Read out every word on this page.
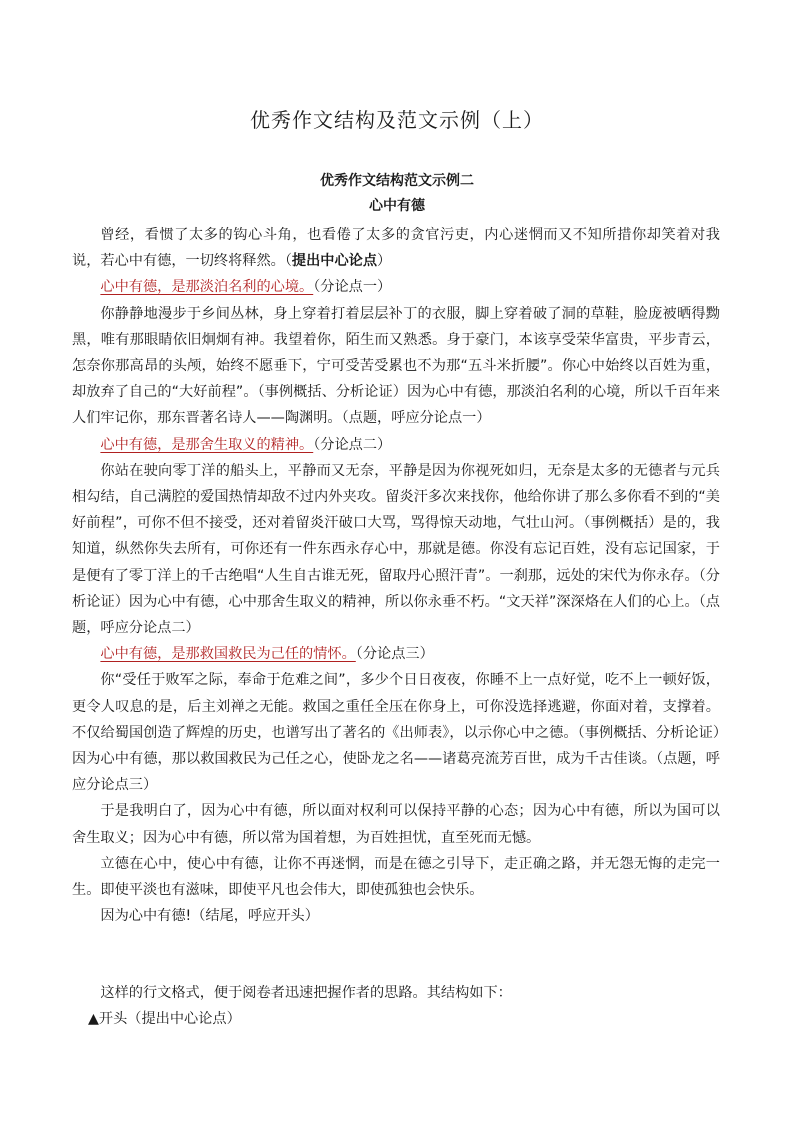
优秀作文结构及范文示例（上）
优秀作文结构范文示例二
心中有德

曾经，看惯了太多的钩心斗角，也看倦了太多的贪官污吏，内心迷惘而又不知所措你却笑着对我说，若心中有德，一切终将释然。（提出中心论点）

心中有德，是那淡泊名利的心境。（分论点一）

你静静地漫步于乡间丛林，身上穿着打着层层补丁的衣服，脚上穿着破了洞的草鞋，脸庞被晒得黝黑，唯有那眼睛依旧炯炯有神。我望着你，陌生而又熟悉。身于豪门，本该享受荣华富贵，平步青云，怎奈你那高昂的头颅，始终不愿垂下，宁可受苦受累也不为那“五斗米折腰”。你心中始终以百姓为重，却放弃了自己的“大好前程”。（事例概括、分析论证）因为心中有德，那淡泊名利的心境，所以千百年来人们牢记你，那东晋著名诗人——陶渊明。（点题，呼应分论点一）

心中有德，是那舍生取义的精神。（分论点二）

你站在驶向零丁洋的船头上，平静而又无奈，平静是因为你视死如归，无奈是太多的无德者与元兵相勾结，自己满腔的爱国热情却敌不过内外夹攻。留炎汗多次来找你，他给你讲了那么多你看不到的“美好前程”，可你不但不接受，还对着留炎汗破口大骂，骂得惊天动地，气壮山河。（事例概括）是的，我知道，纵然你失去所有，可你还有一件东西永存心中，那就是德。你没有忘记百姓，没有忘记国家，于是便有了零丁洋上的千古绝唱“人生自古谁无死，留取丹心照汗青”。一刹那，远处的宋代为你永存。（分析论证）因为心中有德，心中那舍生取义的精神，所以你永垂不朽。“文天祥”深深烙在人们的心上。（点题，呼应分论点二）

心中有德，是那救国救民为己任的情怀。（分论点三）

你“受任于败军之际，奉命于危难之间”，多少个日日夜夜，你睡不上一点好觉，吃不上一顿好饭，更令人叹息的是，后主刘禅之无能。救国之重任全压在你身上，可你没选择逃避，你面对着，支撑着。不仅给蜀国创造了辉煌的历史，也谱写出了著名的《出师表》，以示你心中之德。（事例概括、分析论证）因为心中有德，那以救国救民为己任之心，使卧龙之名——诸葛亮流芳百世，成为千古佳谈。（点题，呼应分论点三）

于是我明白了，因为心中有德，所以面对权利可以保持平静的心态；因为心中有德，所以为国可以舍生取义；因为心中有德，所以常为国着想，为百姓担忧，直至死而无憾。

立德在心中，使心中有德，让你不再迷惘，而是在德之引导下，走正确之路，并无怨无悔的走完一生。即使平淡也有滋味，即使平凡也会伟大，即使孤独也会快乐。

因为心中有德!（结尾，呼应开头）

这样的行文格式，便于阅卷者迅速把握作者的思路。其结构如下：

▲开头（提出中心论点）
